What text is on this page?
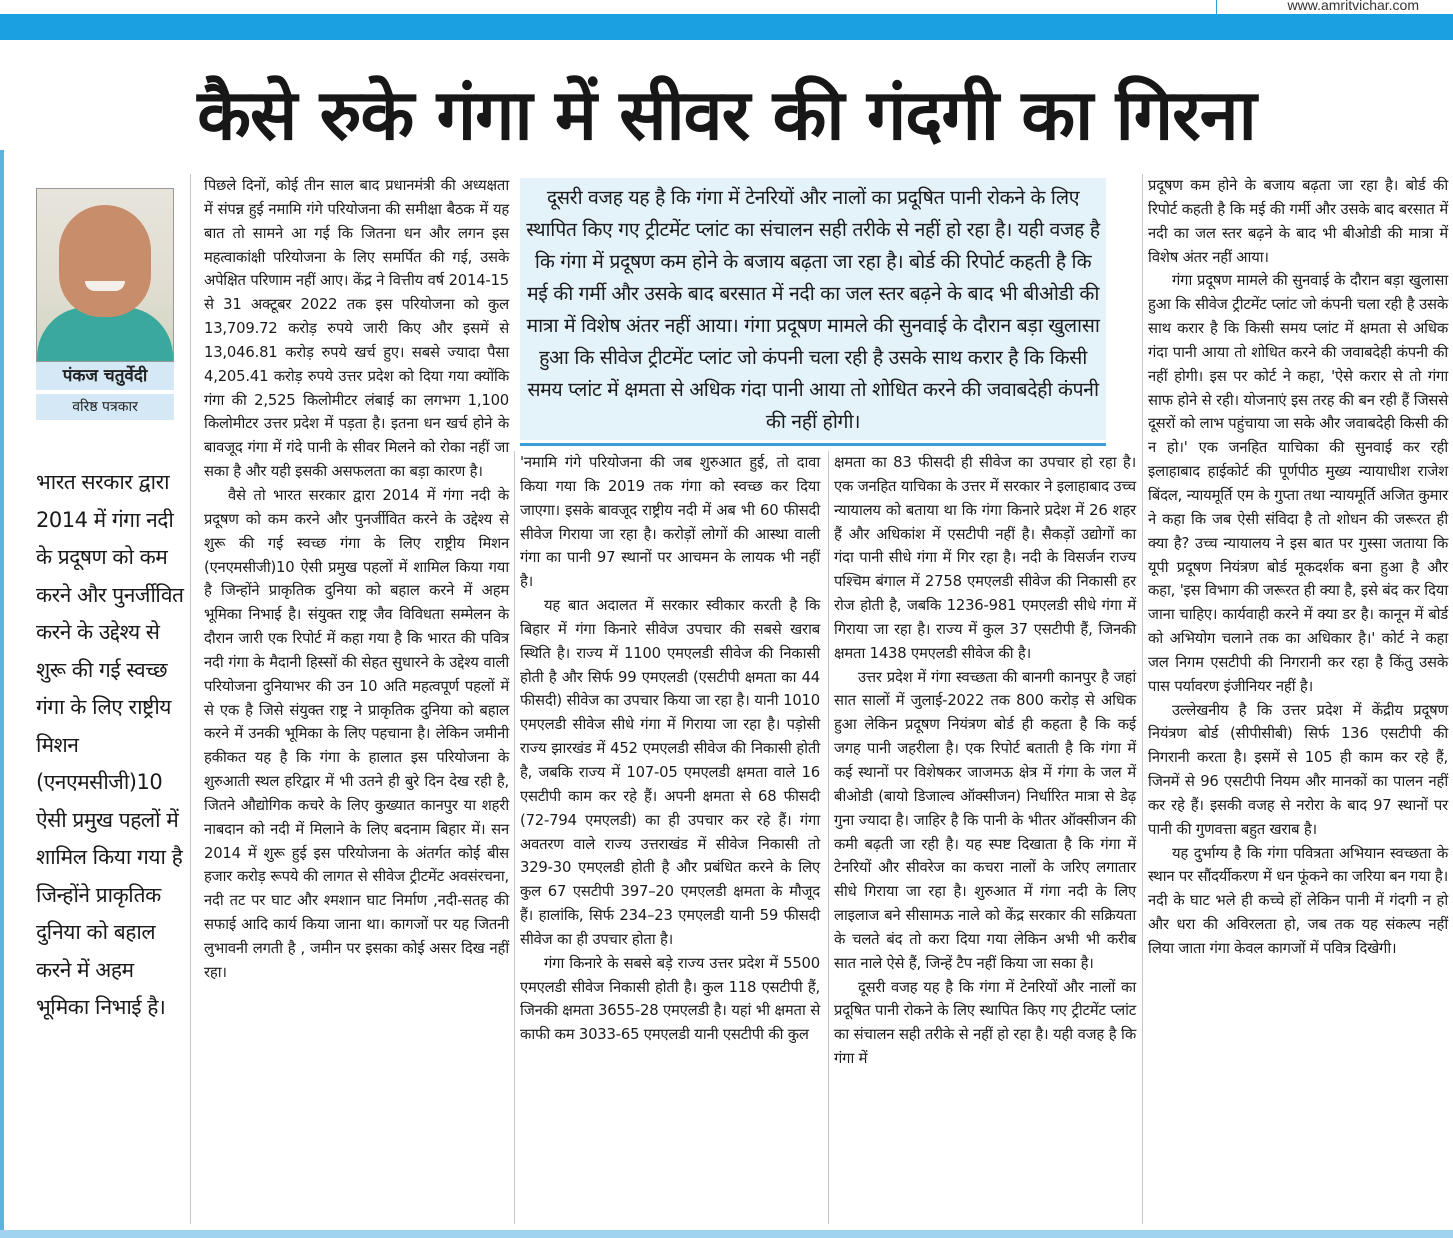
www.amritvichar.com
कैसे रुके गंगा में सीवर की गंदगी का गिरना
पंकज चतुर्वेदी
वरिष्ठ पत्रकार
भारत सरकार द्वारा 2014 में गंगा नदी के प्रदूषण को कम करने और पुनर्जीवित करने के उद्देश्य से शुरू की गई स्वच्छ गंगा के लिए राष्ट्रीय मिशन (एनएमसीजी)10 ऐसी प्रमुख पहलों में शामिल किया गया है जिन्होंने प्राकृतिक दुनिया को बहाल करने में अहम भूमिका निभाई है।

पिछले दिनों, कोई तीन साल बाद प्रधानमंत्री की अध्यक्षता में संपन्न हुई नमामि गंगे परियोजना की समीक्षा बैठक में यह बात तो सामने आ गई कि जितना धन और लगन इस महत्वाकांक्षी परियोजना के लिए समर्पित की गई, उसके अपेक्षित परिणाम नहीं आए। केंद्र ने वित्तीय वर्ष 2014-15 से 31 अक्टूबर 2022 तक इस परियोजना को कुल 13,709.72 करोड़ रुपये जारी किए और इसमें से 13,046.81 करोड़ रुपये खर्च हुए। सबसे ज्यादा पैसा 4,205.41 करोड़ रुपये उत्तर प्रदेश को दिया गया क्योंकि गंगा की 2,525 किलोमीटर लंबाई का लगभग 1,100 किलोमीटर उत्तर प्रदेश में पड़ता है। इतना धन खर्च होने के बावजूद गंगा में गंदे पानी के सीवर मिलने को रोका नहीं जा सका है और यही इसकी असफलता का बड़ा कारण है।

वैसे तो भारत सरकार द्वारा 2014 में गंगा नदी के प्रदूषण को कम करने और पुनर्जीवित करने के उद्देश्य से शुरू की गई स्वच्छ गंगा के लिए राष्ट्रीय मिशन (एनएमसीजी)10 ऐसी प्रमुख पहलों में शामिल किया गया है जिन्होंने प्राकृतिक दुनिया को बहाल करने में अहम भूमिका निभाई है। संयुक्त राष्ट्र जैव विविधता सम्मेलन के दौरान जारी एक रिपोर्ट में कहा गया है कि भारत की पवित्र नदी गंगा के मैदानी हिस्सों की सेहत सुधारने के उद्देश्य वाली परियोजना दुनियाभर की उन 10 अति महत्वपूर्ण पहलों में से एक है जिसे संयुक्त राष्ट्र ने प्राकृतिक दुनिया को बहाल करने में उनकी भूमिका के लिए पहचाना है। लेकिन जमीनी हकीकत यह है कि गंगा के हालात इस परियोजना के शुरुआती स्थल हरिद्वार में भी उतने ही बुरे दिन देख रही है, जितने औद्योगिक कचरे के लिए कुख्यात कानपुर या शहरी नाबदान को नदी में मिलाने के लिए बदनाम बिहार में। सन 2014 में शुरू हुई इस परियोजना के अंतर्गत कोई बीस हजार करोड़ रूपये की लागत से सीवेज ट्रीटमेंट अवसंरचना, नदी तट पर घाट और श्मशान घाट निर्माण ,नदी-सतह की सफाई आदि कार्य किया जाना था। कागजों पर यह जितनी लुभावनी लगती है , जमीन पर इसका कोई असर दिख नहीं रहा।

दूसरी वजह यह है कि गंगा में टेनरियों और नालों का प्रदूषित पानी रोकने के लिए स्थापित किए गए ट्रीटमेंट प्लांट का संचालन सही तरीके से नहीं हो रहा है। यही वजह है कि गंगा में प्रदूषण कम होने के बजाय बढ़ता जा रहा है। बोर्ड की रिपोर्ट कहती है कि मई की गर्मी और उसके बाद बरसात में नदी का जल स्तर बढ़ने के बाद भी बीओडी की मात्रा में विशेष अंतर नहीं आया। गंगा प्रदूषण मामले की सुनवाई के दौरान बड़ा खुलासा हुआ कि सीवेज ट्रीटमेंट प्लांट जो कंपनी चला रही है उसके साथ करार है कि किसी समय प्लांट में क्षमता से अधिक गंदा पानी आया तो शोधित करने की जवाबदेही कंपनी की नहीं होगी।

'नमामि गंगे परियोजना की जब शुरुआत हुई, तो दावा किया गया कि 2019 तक गंगा को स्वच्छ कर दिया जाएगा। इसके बावजूद राष्ट्रीय नदी में अब भी 60 फीसदी सीवेज गिराया जा रहा है। करोड़ों लोगों की आस्था वाली गंगा का पानी 97 स्थानों पर आचमन के लायक भी नहीं है।

यह बात अदालत में सरकार स्वीकार करती है कि बिहार में गंगा किनारे सीवेज उपचार की सबसे खराब स्थिति है। राज्य में 1100 एमएलडी सीवेज की निकासी होती है और सिर्फ 99 एमएलडी (एसटीपी क्षमता का 44 फीसदी) सीवेज का उपचार किया जा रहा है। यानी 1010 एमएलडी सीवेज सीधे गंगा में गिराया जा रहा है। पड़ोसी राज्य झारखंड में 452 एमएलडी सीवेज की निकासी होती है, जबकि राज्य में 107-05 एमएलडी क्षमता वाले 16 एसटीपी काम कर रहे हैं। अपनी क्षमता से 68 फीसदी (72-794 एमएलडी) का ही उपचार कर रहे हैं। गंगा अवतरण वाले राज्य उत्तराखंड में सीवेज निकासी तो 329-30 एमएलडी होती है और प्रबंधित करने के लिए कुल 67 एसटीपी 397–20 एमएलडी क्षमता के मौजूद हैं। हालांकि, सिर्फ 234–23 एमएलडी यानी 59 फीसदी सीवेज का ही उपचार होता है।

गंगा किनारे के सबसे बड़े राज्य उत्तर प्रदेश में 5500 एमएलडी सीवेज निकासी होती है। कुल 118 एसटीपी हैं, जिनकी क्षमता 3655-28 एमएलडी है। यहां भी क्षमता से काफी कम 3033-65 एमएलडी यानी एसटीपी की कुल

क्षमता का 83 फीसदी ही सीवेज का उपचार हो रहा है। एक जनहित याचिका के उत्तर में सरकार ने इलाहाबाद उच्च न्यायालय को बताया था कि गंगा किनारे प्रदेश में 26 शहर हैं और अधिकांश में एसटीपी नहीं है। सैकड़ों उद्योगों का गंदा पानी सीधे गंगा में गिर रहा है। नदी के विसर्जन राज्य पश्चिम बंगाल में 2758 एमएलडी सीवेज की निकासी हर रोज होती है, जबकि 1236-981 एमएलडी सीधे गंगा में गिराया जा रहा है। राज्य में कुल 37 एसटीपी हैं, जिनकी क्षमता 1438 एमएलडी सीवेज की है।

उत्तर प्रदेश में गंगा स्वच्छता की बानगी कानपुर है जहां सात सालों में जुलाई-2022 तक 800 करोड़ से अधिक हुआ लेकिन प्रदूषण नियंत्रण बोर्ड ही कहता है कि कई जगह पानी जहरीला है। एक रिपोर्ट बताती है कि गंगा में कई स्थानों पर विशेषकर जाजमऊ क्षेत्र में गंगा के जल में बीओडी (बायो डिजाल्व ऑक्सीजन) निर्धारित मात्रा से डेढ़ गुना ज्यादा है। जाहिर है कि पानी के भीतर ऑक्सीजन की कमी बढ़ती जा रही है। यह स्पष्ट दिखाता है कि गंगा में टेनरियों और सीवरेज का कचरा नालों के जरिए लगातार सीधे गिराया जा रहा है। शुरुआत में गंगा नदी के लिए लाइलाज बने सीसामऊ नाले को केंद्र सरकार की सक्रियता के चलते बंद तो करा दिया गया लेकिन अभी भी करीब सात नाले ऐसे हैं, जिन्हें टैप नहीं किया जा सका है।

दूसरी वजह यह है कि गंगा में टेनरियों और नालों का प्रदूषित पानी रोकने के लिए स्थापित किए गए ट्रीटमेंट प्लांट का संचालन सही तरीके से नहीं हो रहा है। यही वजह है कि गंगा में

प्रदूषण कम होने के बजाय बढ़ता जा रहा है। बोर्ड की रिपोर्ट कहती है कि मई की गर्मी और उसके बाद बरसात में नदी का जल स्तर बढ़ने के बाद भी बीओडी की मात्रा में विशेष अंतर नहीं आया।

गंगा प्रदूषण मामले की सुनवाई के दौरान बड़ा खुलासा हुआ कि सीवेज ट्रीटमेंट प्लांट जो कंपनी चला रही है उसके साथ करार है कि किसी समय प्लांट में क्षमता से अधिक गंदा पानी आया तो शोधित करने की जवाबदेही कंपनी की नहीं होगी। इस पर कोर्ट ने कहा, 'ऐसे करार से तो गंगा साफ होने से रही। योजनाएं इस तरह की बन रही हैं जिससे दूसरों को लाभ पहुंचाया जा सके और जवाबदेही किसी की न हो।' एक जनहित याचिका की सुनवाई कर रही इलाहाबाद हाईकोर्ट की पूर्णपीठ मुख्य न्यायाधीश राजेश बिंदल, न्यायमूर्ति एम के गुप्ता तथा न्यायमूर्ति अजित कुमार ने कहा कि जब ऐसी संविदा है तो शोधन की जरूरत ही क्या है? उच्च न्यायालय ने इस बात पर गुस्सा जताया कि यूपी प्रदूषण नियंत्रण बोर्ड मूकदर्शक बना हुआ है और कहा, 'इस विभाग की जरूरत ही क्या है, इसे बंद कर दिया जाना चाहिए। कार्यवाही करने में क्या डर है। कानून में बोर्ड को अभियोग चलाने तक का अधिकार है।' कोर्ट ने कहा जल निगम एसटीपी की निगरानी कर रहा है किंतु उसके पास पर्यावरण इंजीनियर नहीं है।

उल्लेखनीय है कि उत्तर प्रदेश में केंद्रीय प्रदूषण नियंत्रण बोर्ड (सीपीसीबी) सिर्फ 136 एसटीपी की निगरानी करता है। इसमें से 105 ही काम कर रहे हैं, जिनमें से 96 एसटीपी नियम और मानकों का पालन नहीं कर रहे हैं। इसकी वजह से नरोरा के बाद 97 स्थानों पर पानी की गुणवत्ता बहुत खराब है।

यह दुर्भाग्य है कि गंगा पवित्रता अभियान स्वच्छता के स्थान पर सौंदर्यीकरण में धन फूंकने का जरिया बन गया है। नदी के घाट भले ही कच्चे हों लेकिन पानी में गंदगी न हो और धरा की अविरलता हो, जब तक यह संकल्प नहीं लिया जाता गंगा केवल कागजों में पवित्र दिखेगी।
